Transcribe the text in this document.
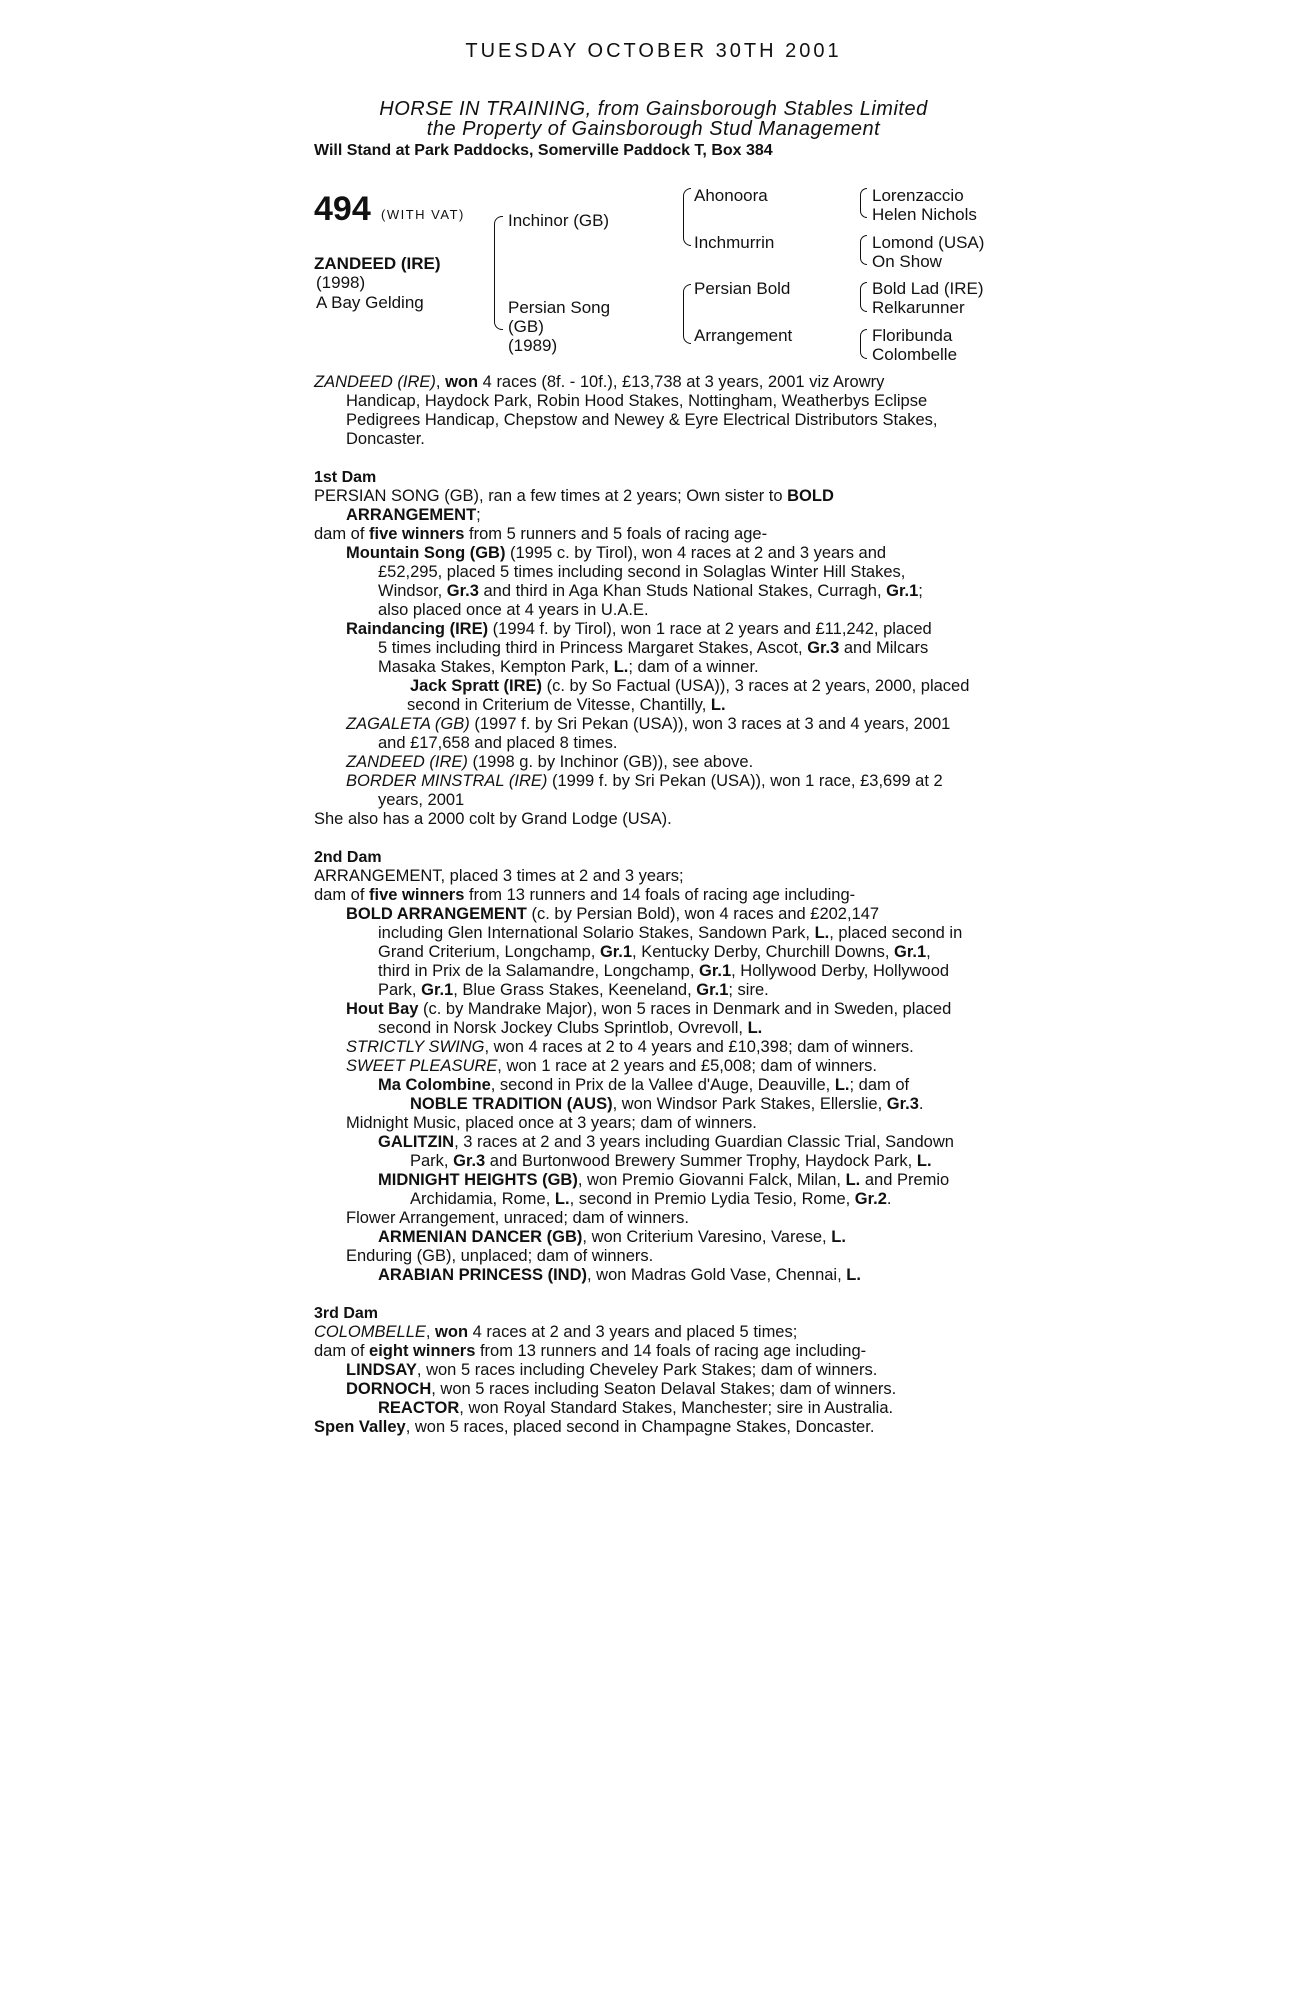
TUESDAY OCTOBER 30TH 2001
HORSE IN TRAINING, from Gainsborough Stables Limited
the Property of Gainsborough Stud Management
Will Stand at Park Paddocks, Somerville Paddock T, Box 384
494 (WITH VAT)
ZANDEED (IRE)
(1998)
A Bay Gelding
Inchinor (GB)
Persian Song
(GB)
(1989)
Ahonoora
Inchmurrin
Persian Bold
Arrangement
Lorenzaccio
Helen Nichols
Lomond (USA)
On Show
Bold Lad (IRE)
Relkarunner
Floribunda
Colombelle
ZANDEED (IRE), won 4 races (8f. - 10f.), £13,738 at 3 years, 2001 viz Arowry
Handicap, Haydock Park, Robin Hood Stakes, Nottingham, Weatherbys Eclipse
Pedigrees Handicap, Chepstow and Newey & Eyre Electrical Distributors Stakes,
Doncaster.
1st Dam
PERSIAN SONG (GB), ran a few times at 2 years; Own sister to BOLD
ARRANGEMENT;
dam of five winners from 5 runners and 5 foals of racing age-
Mountain Song (GB) (1995 c. by Tirol), won 4 races at 2 and 3 years and
£52,295, placed 5 times including second in Solaglas Winter Hill Stakes,
Windsor, Gr.3 and third in Aga Khan Studs National Stakes, Curragh, Gr.1;
also placed once at 4 years in U.A.E.
Raindancing (IRE) (1994 f. by Tirol), won 1 race at 2 years and £11,242, placed
5 times including third in Princess Margaret Stakes, Ascot, Gr.3 and Milcars
Masaka Stakes, Kempton Park, L.; dam of a winner.
Jack Spratt (IRE) (c. by So Factual (USA)), 3 races at 2 years, 2000, placed
second in Criterium de Vitesse, Chantilly, L.
ZAGALETA (GB) (1997 f. by Sri Pekan (USA)), won 3 races at 3 and 4 years, 2001
and £17,658 and placed 8 times.
ZANDEED (IRE) (1998 g. by Inchinor (GB)), see above.
BORDER MINSTRAL (IRE) (1999 f. by Sri Pekan (USA)), won 1 race, £3,699 at 2
years, 2001
She also has a 2000 colt by Grand Lodge (USA).
2nd Dam
ARRANGEMENT, placed 3 times at 2 and 3 years;
dam of five winners from 13 runners and 14 foals of racing age including-
BOLD ARRANGEMENT (c. by Persian Bold), won 4 races and £202,147
including Glen International Solario Stakes, Sandown Park, L., placed second in
Grand Criterium, Longchamp, Gr.1, Kentucky Derby, Churchill Downs, Gr.1,
third in Prix de la Salamandre, Longchamp, Gr.1, Hollywood Derby, Hollywood
Park, Gr.1, Blue Grass Stakes, Keeneland, Gr.1; sire.
Hout Bay (c. by Mandrake Major), won 5 races in Denmark and in Sweden, placed
second in Norsk Jockey Clubs Sprintlob, Ovrevoll, L.
STRICTLY SWING, won 4 races at 2 to 4 years and £10,398; dam of winners.
SWEET PLEASURE, won 1 race at 2 years and £5,008; dam of winners.
Ma Colombine, second in Prix de la Vallee d'Auge, Deauville, L.; dam of
NOBLE TRADITION (AUS), won Windsor Park Stakes, Ellerslie, Gr.3.
Midnight Music, placed once at 3 years; dam of winners.
GALITZIN, 3 races at 2 and 3 years including Guardian Classic Trial, Sandown
Park, Gr.3 and Burtonwood Brewery Summer Trophy, Haydock Park, L.
MIDNIGHT HEIGHTS (GB), won Premio Giovanni Falck, Milan, L. and Premio
Archidamia, Rome, L., second in Premio Lydia Tesio, Rome, Gr.2.
Flower Arrangement, unraced; dam of winners.
ARMENIAN DANCER (GB), won Criterium Varesino, Varese, L.
Enduring (GB), unplaced; dam of winners.
ARABIAN PRINCESS (IND), won Madras Gold Vase, Chennai, L.
3rd Dam
COLOMBELLE, won 4 races at 2 and 3 years and placed 5 times;
dam of eight winners from 13 runners and 14 foals of racing age including-
LINDSAY, won 5 races including Cheveley Park Stakes; dam of winners.
DORNOCH, won 5 races including Seaton Delaval Stakes; dam of winners.
REACTOR, won Royal Standard Stakes, Manchester; sire in Australia.
Spen Valley, won 5 races, placed second in Champagne Stakes, Doncaster.
